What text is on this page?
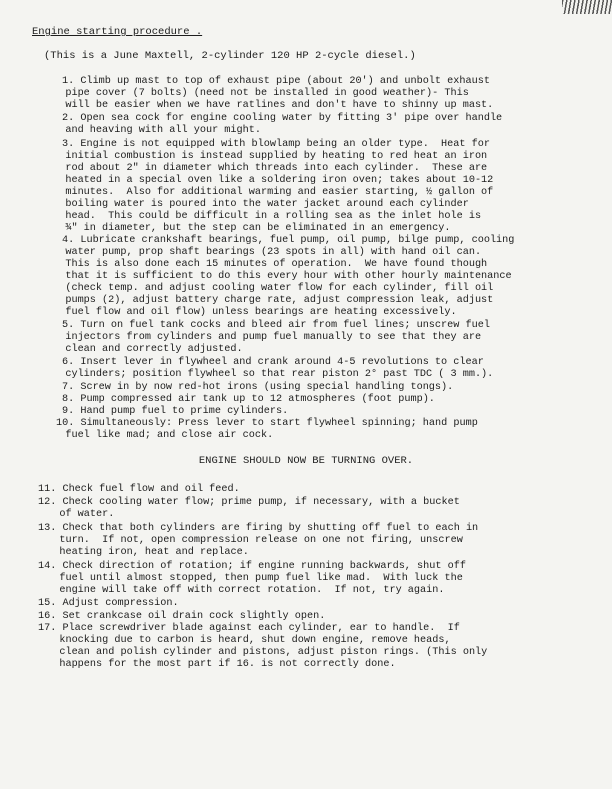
Engine starting procedure .
(This is a June Maxtell, 2-cylinder 120 HP 2-cycle diesel.)
1. Climb up mast to top of exhaust pipe (about 20') and unbolt exhaust
pipe cover (7 bolts) (need not be installed in good weather)- This
will be easier when we have ratlines and don't have to shinny up mast.
2. Open sea cock for engine cooling water by fitting 3' pipe over handle
and heaving with all your might.
3. Engine is not equipped with blowlamp being an older type.  Heat for
initial combustion is instead supplied by heating to red heat an iron
rod about 2" in diameter which threads into each cylinder.  These are
heated in a special oven like a soldering iron oven; takes about 10-12
minutes.  Also for additional warming and easier starting, ½ gallon of
boiling water is poured into the water jacket around each cylinder
head.  This could be difficult in a rolling sea as the inlet hole is
¾" in diameter, but the step can be eliminated in an emergency.
4. Lubricate crankshaft bearings, fuel pump, oil pump, bilge pump, cooling
water pump, prop shaft bearings (23 spots in all) with hand oil can.
This is also done each 15 minutes of operation.  We have found though
that it is sufficient to do this every hour with other hourly maintenance
(check temp. and adjust cooling water flow for each cylinder, fill oil
pumps (2), adjust battery charge rate, adjust compression leak, adjust
fuel flow and oil flow) unless bearings are heating excessively.
5. Turn on fuel tank cocks and bleed air from fuel lines; unscrew fuel
injectors from cylinders and pump fuel manually to see that they are
clean and correctly adjusted.
6. Insert lever in flywheel and crank around 4-5 revolutions to clear
cylinders; position flywheel so that rear piston 2° past TDC ( 3 mm.).
7. Screw in by now red-hot irons (using special handling tongs).
8. Pump compressed air tank up to 12 atmospheres (foot pump).
9. Hand pump fuel to prime cylinders.
10. Simultaneously: Press lever to start flywheel spinning; hand pump
fuel like mad; and close air cock.
ENGINE SHOULD NOW BE TURNING OVER.
11. Check fuel flow and oil feed.
12. Check cooling water flow; prime pump, if necessary, with a bucket
of water.
13. Check that both cylinders are firing by shutting off fuel to each in
turn.  If not, open compression release on one not firing, unscrew
heating iron, heat and replace.
14. Check direction of rotation; if engine running backwards, shut off
fuel until almost stopped, then pump fuel like mad.  With luck the
engine will take off with correct rotation.  If not, try again.
15. Adjust compression.
16. Set crankcase oil drain cock slightly open.
17. Place screwdriver blade against each cylinder, ear to handle.  If
knocking due to carbon is heard, shut down engine, remove heads,
clean and polish cylinder and pistons, adjust piston rings. (This only
happens for the most part if 16. is not correctly done.
